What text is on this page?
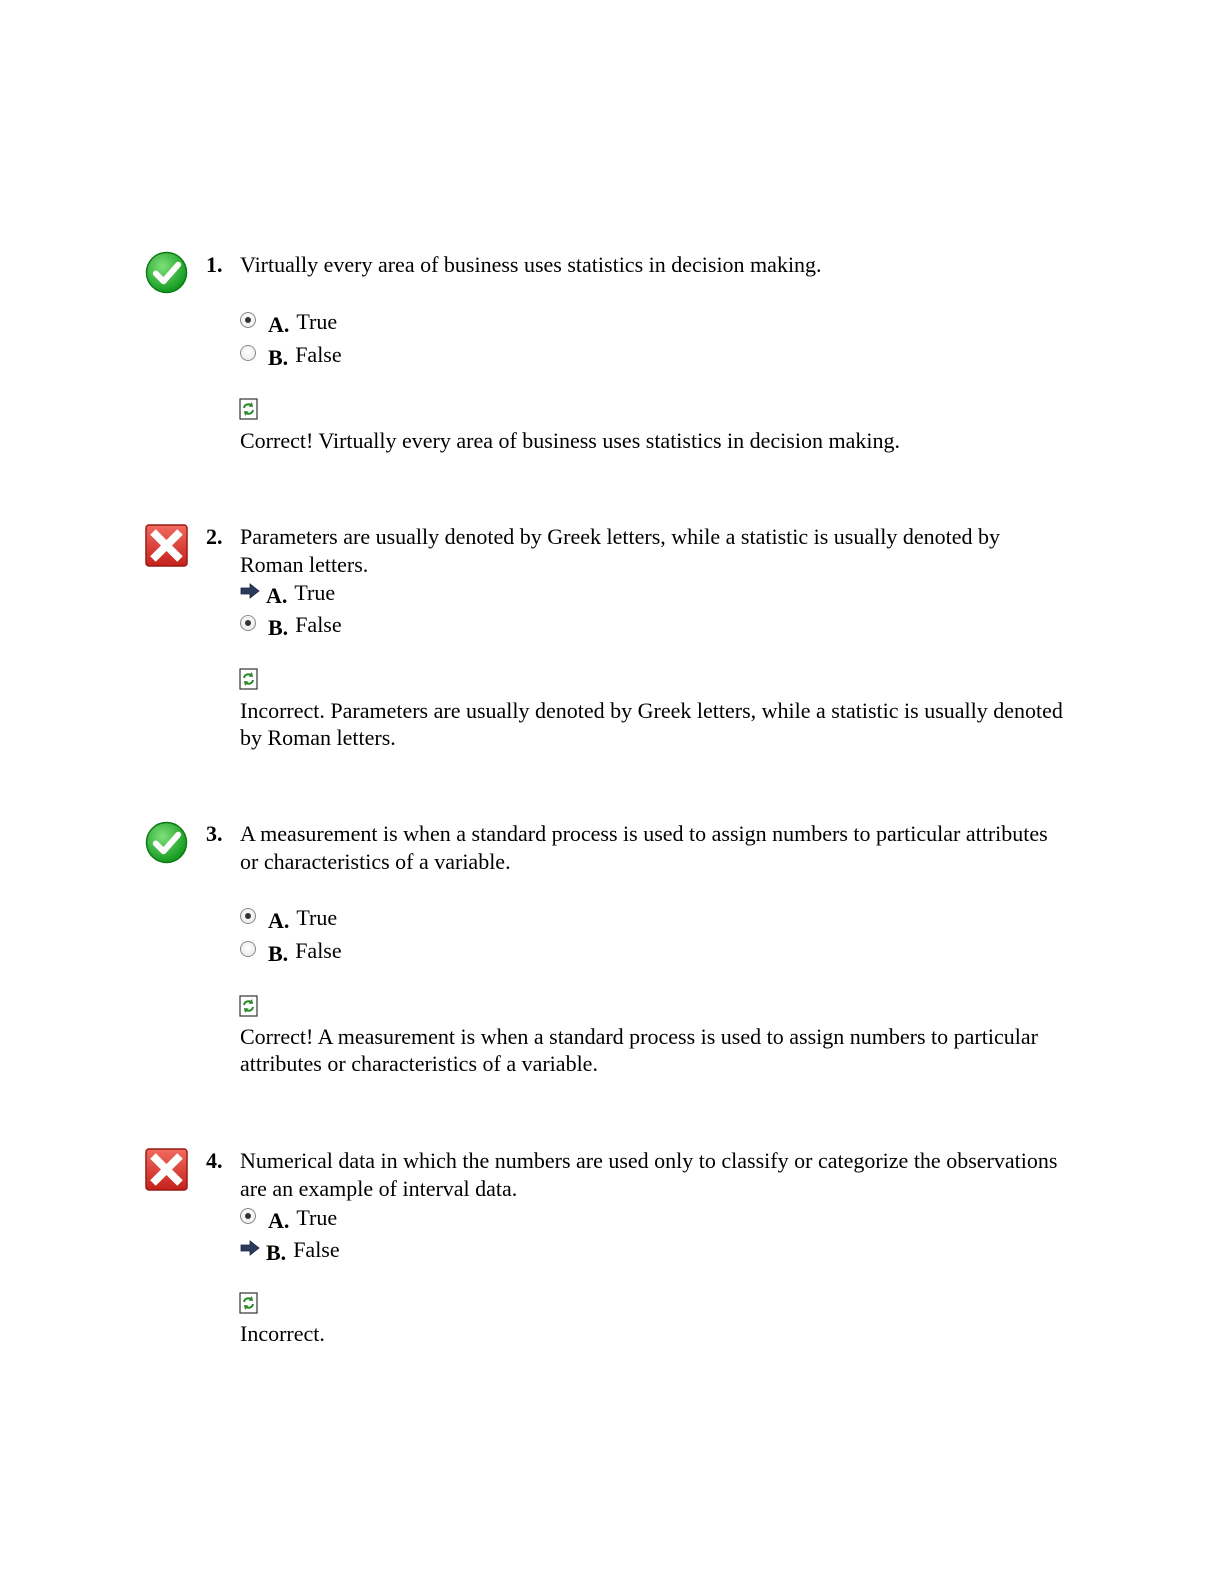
1. Virtually every area of business uses statistics in decision making.
A. True
B. False
Correct! Virtually every area of business uses statistics in decision making.
2. Parameters are usually denoted by Greek letters, while a statistic is usually denoted by Roman letters.
A. True
B. False
Incorrect. Parameters are usually denoted by Greek letters, while a statistic is usually denoted by Roman letters.
3. A measurement is when a standard process is used to assign numbers to particular attributes or characteristics of a variable.
A. True
B. False
Correct! A measurement is when a standard process is used to assign numbers to particular attributes or characteristics of a variable.
4. Numerical data in which the numbers are used only to classify or categorize the observations are an example of interval data.
A. True
B. False
Incorrect.
